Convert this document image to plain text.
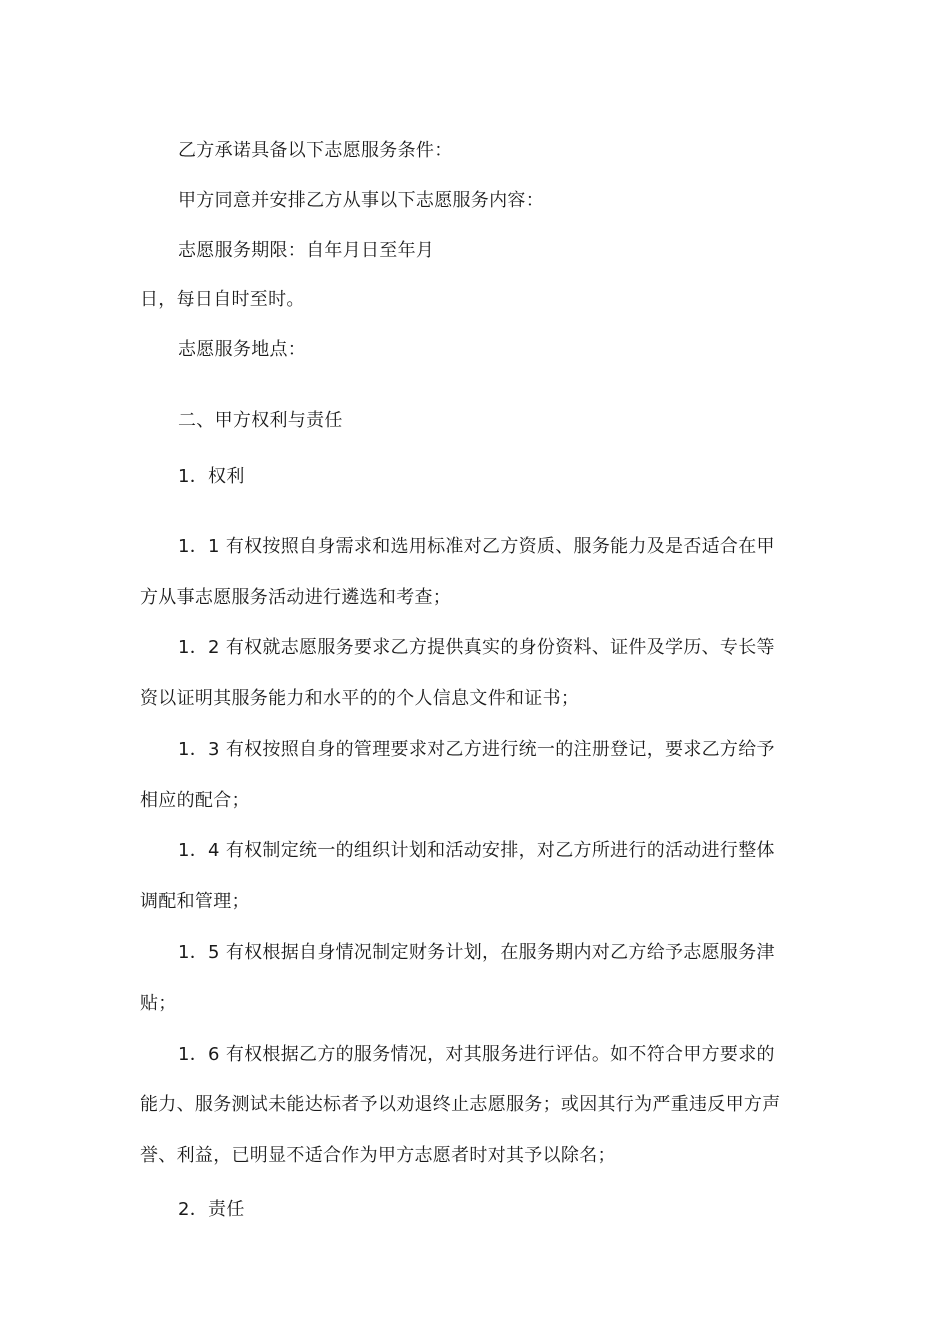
乙方承诺具备以下志愿服务条件：
甲方同意并安排乙方从事以下志愿服务内容：
志愿服务期限：自年月日至年月
日，每日自时至时。
志愿服务地点：
二、甲方权利与责任
1．权利
1．1 有权按照自身需求和选用标准对乙方资质、服务能力及是否适合在甲
方从事志愿服务活动进行遴选和考查；
1．2 有权就志愿服务要求乙方提供真实的身份资料、证件及学历、专长等
资以证明其服务能力和水平的的个人信息文件和证书；
1．3 有权按照自身的管理要求对乙方进行统一的注册登记，要求乙方给予
相应的配合；
1．4 有权制定统一的组织计划和活动安排，对乙方所进行的活动进行整体
调配和管理；
1．5 有权根据自身情况制定财务计划，在服务期内对乙方给予志愿服务津
贴；
1．6 有权根据乙方的服务情况，对其服务进行评估。如不符合甲方要求的
能力、服务测试未能达标者予以劝退终止志愿服务；或因其行为严重违反甲方声
誉、利益，已明显不适合作为甲方志愿者时对其予以除名；
2．责任
